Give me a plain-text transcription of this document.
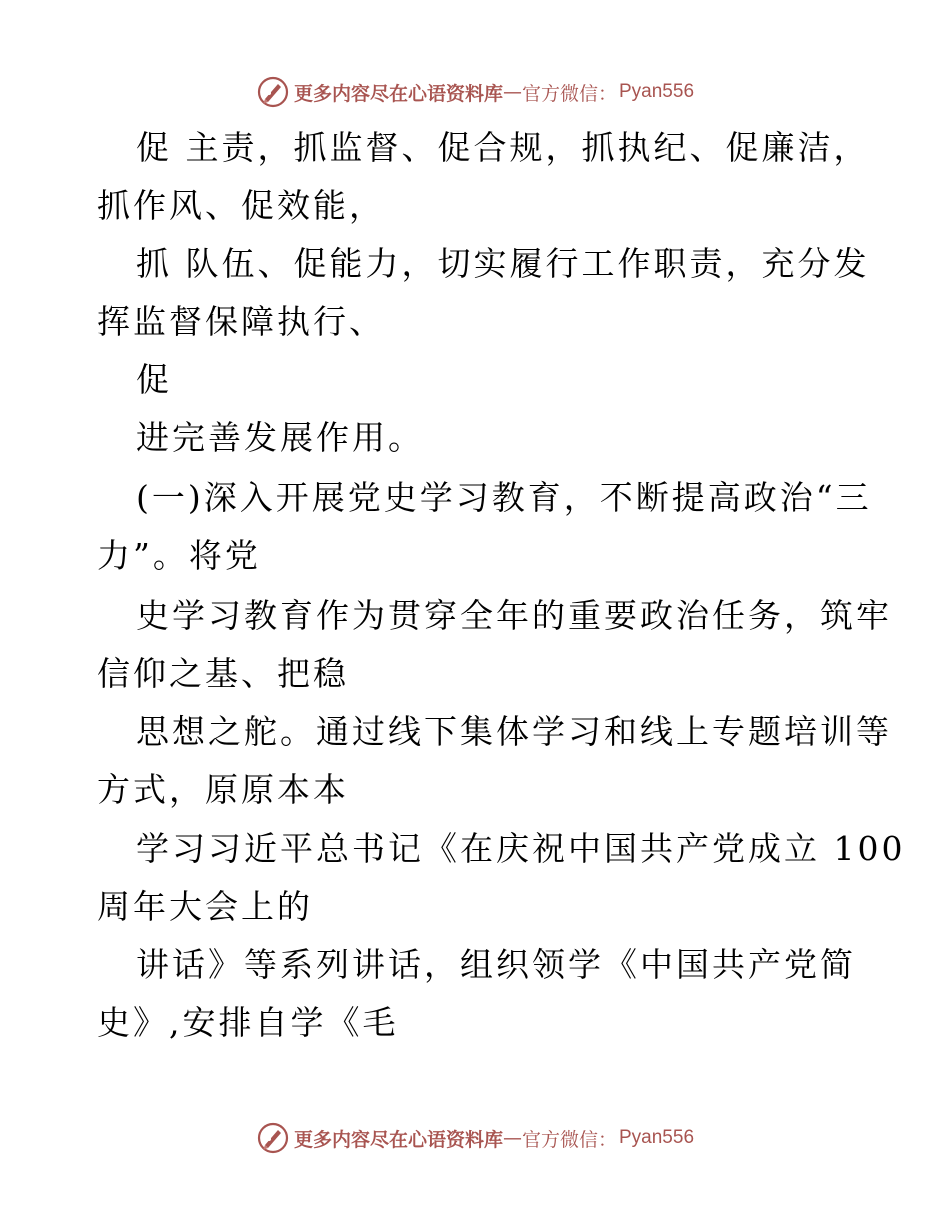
更多内容尽在心语资料库 — 官方微信： Pyan556
促 主责，抓监督、促合规，抓执纪、促廉洁，
抓作风、促效能，
抓 队伍、促能力，切实履行工作职责，充分发
挥监督保障执行、
促
进完善发展作用。
(一)深入开展党史学习教育，不断提高政治“三
力”。将党
史学习教育作为贯穿全年的重要政治任务，筑牢
信仰之基、把稳
思想之舵。通过线下集体学习和线上专题培训等
方式，原原本本
学习习近平总书记《在庆祝中国共产党成立 100
周年大会上的
讲话》等系列讲话，组织领学《中国共产党简
史》,安排自学《毛
更多内容尽在心语资料库 — 官方微信： Pyan556
